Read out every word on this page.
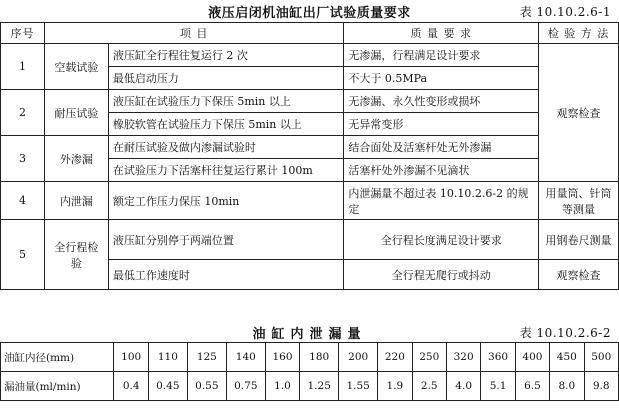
液压启闭机油缸出厂试验质量要求	表 10.10.2.6-1
序号	项 目		质 量 要 求	检 验 方 法
1	空载试验	液压缸全行程往复运行 2 次	无渗漏，行程满足设计要求	观察检查
		最低启动压力	不大于 0.5MPa	
2	耐压试验	液压缸在试验压力下保压 5min 以上	无渗漏、永久性变形或损坏	
		橡胶软管在试验压力下保压 5min 以上	无异常变形	
3	外渗漏	在耐压试验及做内渗漏试验时	结合面处及活塞杆处无外渗漏	
		在试验压力下活塞杆往复运行累计 100m	活塞杆处外渗漏不见滴状	
4	内泄漏	额定工作压力保压 10min	内泄漏量不超过表 10.10.2.6-2 的规定	用量筒、针筒等测量
5	全行程检验	液压缸分别停于两端位置	全行程长度满足设计要求	用钢卷尺测量
		最低工作速度时	全行程无爬行或抖动	观察检查
油缸内泄漏量	表 10.10.2.6-2
油缸内径(mm)	100	110	125	140	160	180	200	220	250	320	360	400	450	500
漏油量(ml/min)	0.4	0.45	0.55	0.75	1.0	1.25	1.55	1.9	2.5	4.0	5.1	6.5	8.0	9.8
